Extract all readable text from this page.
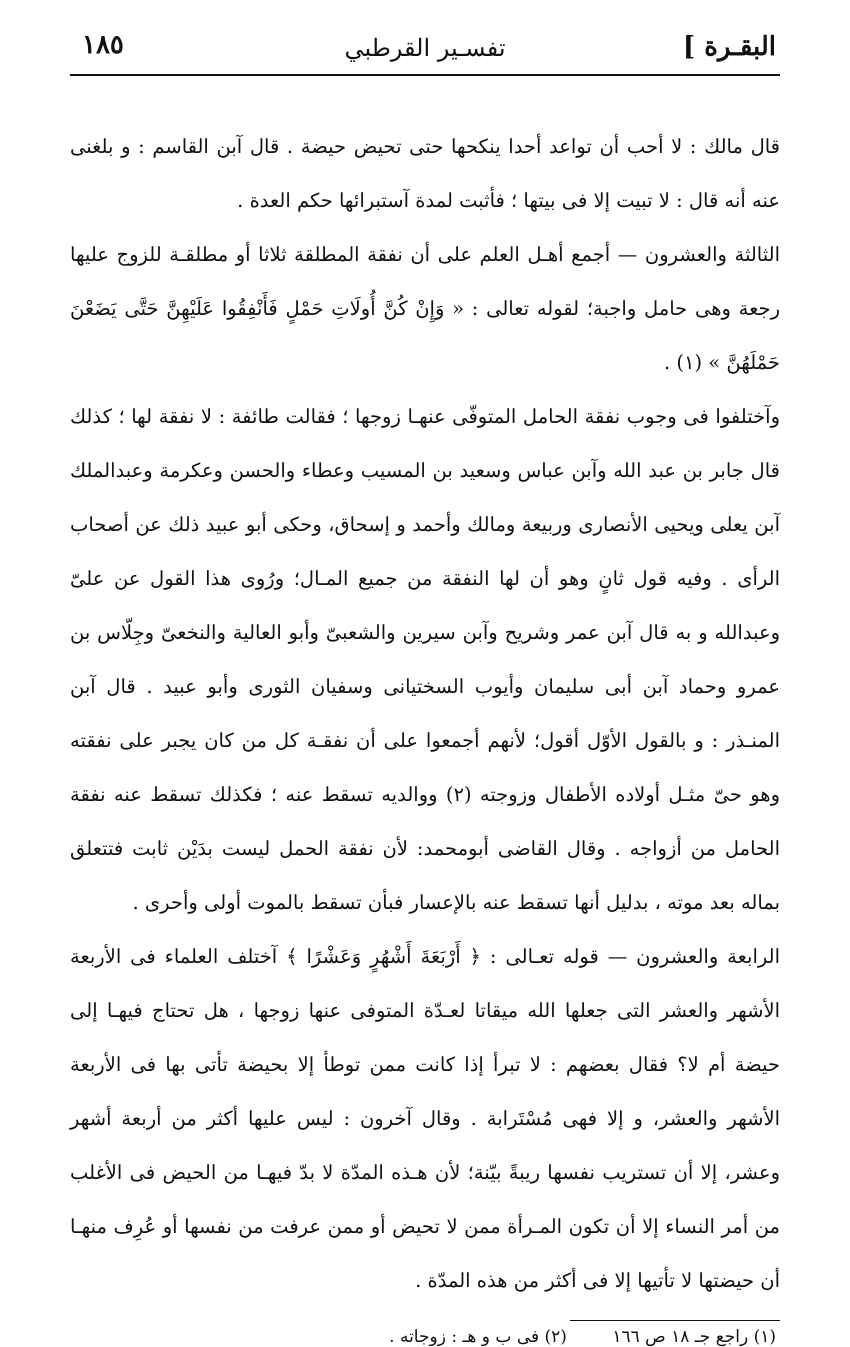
البقـرة ]
تفسـير القرطبي
١٨٥

قال مالك : لا أحب أن تواعد أحدا ينكحها حتى تحيض حيضة . قال آبن القاسم : و بلغنى عنه أنه قال : لا تبيت إلا فى بيتها ؛ فأثبت لمدة آستبرائها حكم العدة .

الثالثة والعشرون — أجمع أهـل العلم على أن نفقة المطلقة ثلاثا أو مطلقـة للزوج عليها رجعة وهى حامل واجبة؛ لقوله تعالى : « وَإِنْ كُنَّ أُولَاتِ حَمْلٍ فَأَنْفِقُوا عَلَيْهِنَّ حَتَّى يَضَعْنَ حَمْلَهُنَّ » (١) .

وآختلفوا فى وجوب نفقة الحامل المتوفّى عنهـا زوجها ؛ فقالت طائفة : لا نفقة لها ؛ كذلك قال جابر بن عبد الله وآبن عباس وسعيد بن المسيب وعطاء والحسن وعكرمة وعبدالملك آبن يعلى ويحيى الأنصارى وربيعة ومالك وأحمد و إسحاق، وحكى أبو عبيد ذلك عن أصحاب الرأى . وفيه قول ثانٍ وهو أن لها النفقة من جميع المـال؛ ورُوى هذا القول عن علىّ وعبدالله و به قال آبن عمر وشريح وآبن سيرين والشعبىّ وأبو العالية والنخعىّ وجِلّاس بن عمرو وحماد آبن أبى سليمان وأيوب السختيانى وسفيان الثورى وأبو عبيد . قال آبن المنـذر : و بالقول الأوّل أقول؛ لأنهم أجمعوا على أن نفقـة كل من كان يجبر على نفقته وهو حىّ مثـل أولاده الأطفال وزوجته (٢) ووالديه تسقط عنه ؛ فكذلك تسقط عنه نفقة الحامل من أزواجه . وقال القاضى أبومحمد: لأن نفقة الحمل ليست بدَيْن ثابت فتتعلق بماله بعد موته ، بدليل أنها تسقط عنه بالإعسار فبأن تسقط بالموت أولى وأحرى .

الرابعة والعشرون — قوله تعـالى : ﴿ أَرْبَعَةَ أَشْهُرٍ وَعَشْرًا ﴾ آختلف العلماء فى الأربعة الأشهر والعشر التى جعلها الله ميقاتا لعـدّة المتوفى عنها زوجها ، هل تحتاج فيهـا إلى حيضة أم لا؟ فقال بعضهم : لا تبرأ إذا كانت ممن توطأ إلا بحيضة تأتى بها فى الأربعة الأشهر والعشر، و إلا فهى مُسْتَرابة . وقال آخرون : ليس عليها أكثر من أربعة أشهر وعشر، إلا أن تستريب نفسها ريبةً بيّنة؛ لأن هـذه المدّة لا بدّ فيهـا من الحيض فى الأغلب من أمر النساء إلا أن تكون المـرأة ممن لا تحيض أو ممن عرفت من نفسها أو عُرِف منهـا أن حيضتها لا تأتيها إلا فى أكثر من هذه المدّة .

(١) راجع جـ ١٨ ص ١٦٦ (٢) فى ب و هـ : زوجاته .
